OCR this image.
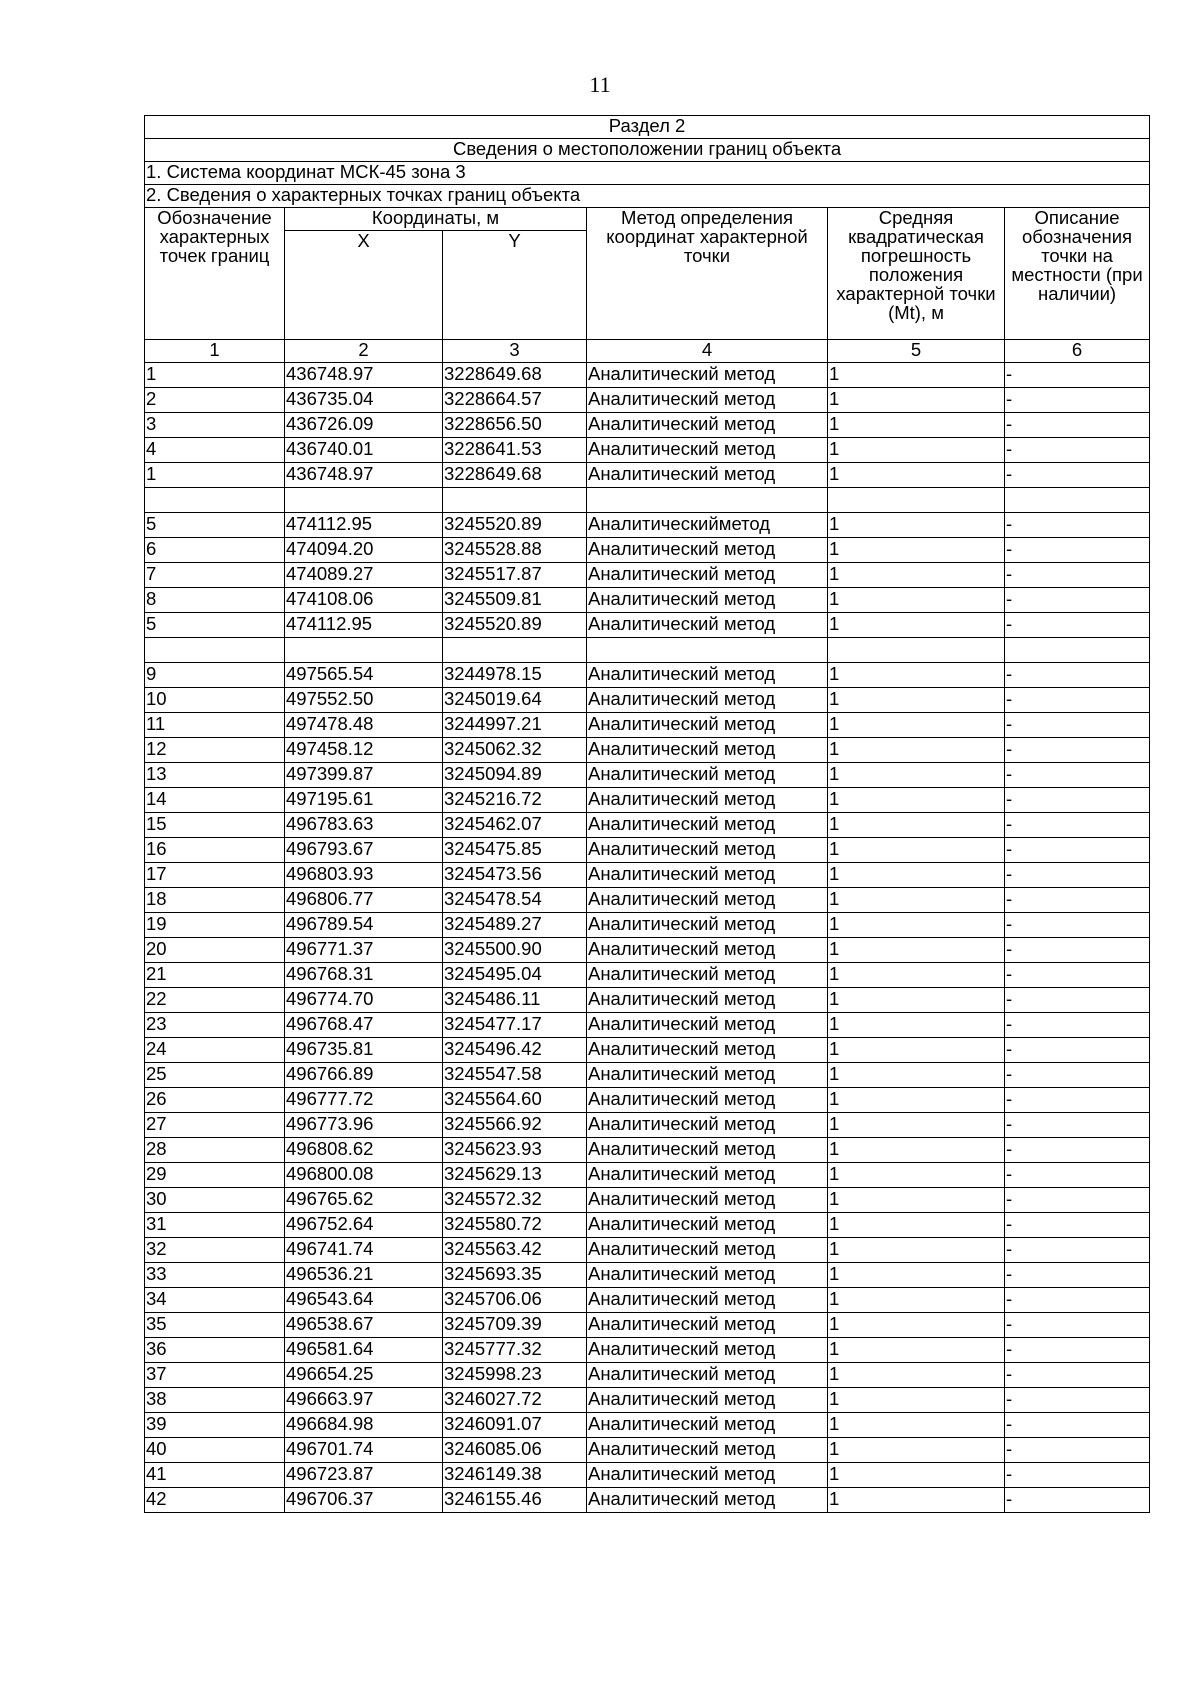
11
Раздел 2					
Сведения о местоположении границ объекта					
1. Система координат МСК-45 зона 3					
2. Сведения о характерных точках границ объекта					
Обозначение характерных точек границ	Координаты, м		Метод определения координат характерной точки	Средняя квадратическая погрешность положения характерной точки (Mt), м	Описание обозначения точки на местности (при наличии)
	X	Y			
1	2	3	4	5	6
1	436748.97	3228649.68	Аналитический метод	1	-
2	436735.04	3228664.57	Аналитический метод	1	-
3	436726.09	3228656.50	Аналитический метод	1	-
4	436740.01	3228641.53	Аналитический метод	1	-
1	436748.97	3228649.68	Аналитический метод	1	-

5	474112.95	3245520.89	Аналитическийметод	1	-
6	474094.20	3245528.88	Аналитический метод	1	-
7	474089.27	3245517.87	Аналитический метод	1	-
8	474108.06	3245509.81	Аналитический метод	1	-
5	474112.95	3245520.89	Аналитический метод	1	-

9	497565.54	3244978.15	Аналитический метод	1	-
10	497552.50	3245019.64	Аналитический метод	1	-
11	497478.48	3244997.21	Аналитический метод	1	-
12	497458.12	3245062.32	Аналитический метод	1	-
13	497399.87	3245094.89	Аналитический метод	1	-
14	497195.61	3245216.72	Аналитический метод	1	-
15	496783.63	3245462.07	Аналитический метод	1	-
16	496793.67	3245475.85	Аналитический метод	1	-
17	496803.93	3245473.56	Аналитический метод	1	-
18	496806.77	3245478.54	Аналитический метод	1	-
19	496789.54	3245489.27	Аналитический метод	1	-
20	496771.37	3245500.90	Аналитический метод	1	-
21	496768.31	3245495.04	Аналитический метод	1	-
22	496774.70	3245486.11	Аналитический метод	1	-
23	496768.47	3245477.17	Аналитический метод	1	-
24	496735.81	3245496.42	Аналитический метод	1	-
25	496766.89	3245547.58	Аналитический метод	1	-
26	496777.72	3245564.60	Аналитический метод	1	-
27	496773.96	3245566.92	Аналитический метод	1	-
28	496808.62	3245623.93	Аналитический метод	1	-
29	496800.08	3245629.13	Аналитический метод	1	-
30	496765.62	3245572.32	Аналитический метод	1	-
31	496752.64	3245580.72	Аналитический метод	1	-
32	496741.74	3245563.42	Аналитический метод	1	-
33	496536.21	3245693.35	Аналитический метод	1	-
34	496543.64	3245706.06	Аналитический метод	1	-
35	496538.67	3245709.39	Аналитический метод	1	-
36	496581.64	3245777.32	Аналитический метод	1	-
37	496654.25	3245998.23	Аналитический метод	1	-
38	496663.97	3246027.72	Аналитический метод	1	-
39	496684.98	3246091.07	Аналитический метод	1	-
40	496701.74	3246085.06	Аналитический метод	1	-
41	496723.87	3246149.38	Аналитический метод	1	-
42	496706.37	3246155.46	Аналитический метод	1	-
